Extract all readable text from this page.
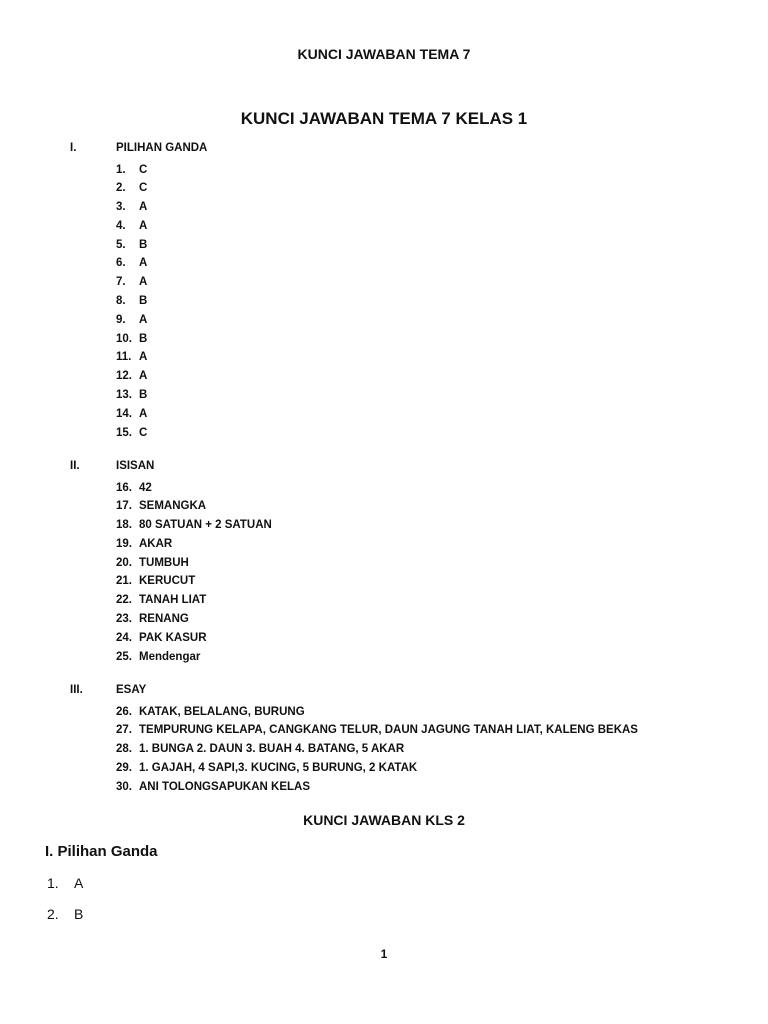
KUNCI JAWABAN TEMA 7
KUNCI JAWABAN TEMA 7 KELAS 1
I.	PILIHAN GANDA
1.	C
2.	C
3.	A
4.	A
5.	B
6.	A
7.	A
8.	B
9.	A
10. B
11. A
12. A
13. B
14. A
15. C
II.	ISISAN
16. 42
17. SEMANGKA
18. 80 SATUAN + 2 SATUAN
19. AKAR
20. TUMBUH
21. KERUCUT
22. TANAH LIAT
23. RENANG
24. PAK KASUR
25. Mendengar
III.	ESAY
26. KATAK, BELALANG, BURUNG
27. TEMPURUNG KELAPA, CANGKANG TELUR, DAUN JAGUNG TANAH LIAT, KALENG BEKAS
28. 1. BUNGA 2. DAUN 3. BUAH 4. BATANG, 5 AKAR
29. 1. GAJAH, 4 SAPI,3. KUCING, 5 BURUNG, 2 KATAK
30. ANI TOLONGSAPUKAN KELAS
KUNCI JAWABAN KLS 2
I. Pilihan Ganda
1.	A
2.	B
1
